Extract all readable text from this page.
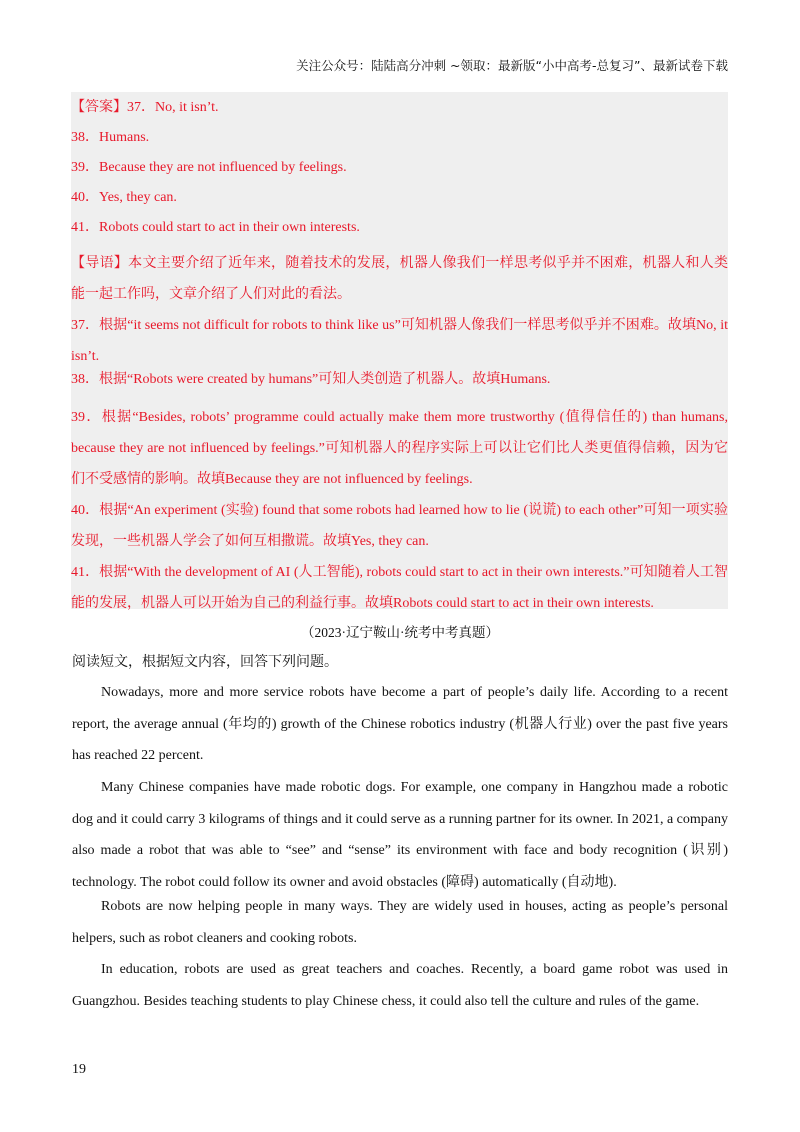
关注公众号：陆陆高分冲刺 ~领取：最新版“小中高考-总复习”、最新试卷下载
【答案】37．No, it isn’t.
38．Humans.
39．Because they are not influenced by feelings.
40．Yes, they can.
41．Robots could start to act in their own interests.
【导语】本文主要介绍了近年来，随着技术的发展，机器人像我们一样思考似乎并不困难，机器人和人类能一起工作吗，文章介绍了人们对此的看法。
37．根据“it seems not difficult for robots to think like us”可知机器人像我们一样思考似乎并不困难。故填No, it isn’t.
38．根据“Robots were created by humans”可知人类创造了机器人。故填Humans.
39．根据“Besides, robots’ programme could actually make them more trustworthy (值得信任的) than humans, because they are not influenced by feelings.”可知机器人的程序实际上可以让它们比人类更值得信赖，因为它们不受感情的影响。故填Because they are not influenced by feelings.
40．根据“An experiment (实验) found that some robots had learned how to lie (说谎) to each other”可知一项实验发现，一些机器人学会了如何互相撒谎。故填Yes, they can.
41．根据“With the development of AI (人工智能), robots could start to act in their own interests.”可知随着人工智能的发展，机器人可以开始为自己的利益行事。故填Robots could start to act in their own interests.
（2023·辽宁鞍山·统考中考真题）
阅读短文，根据短文内容，回答下列问题。
Nowadays, more and more service robots have become a part of people’s daily life. According to a recent report, the average annual (年均的) growth of the Chinese robotics industry (机器人行业) over the past five years has reached 22 percent.
Many Chinese companies have made robotic dogs. For example, one company in Hangzhou made a robotic dog and it could carry 3 kilograms of things and it could serve as a running partner for its owner. In 2021, a company also made a robot that was able to “see” and “sense” its environment with face and body recognition (识别) technology. The robot could follow its owner and avoid obstacles (障碍) automatically (自动地).
Robots are now helping people in many ways. They are widely used in houses, acting as people’s personal helpers, such as robot cleaners and cooking robots.
In education, robots are used as great teachers and coaches. Recently, a board game robot was used in Guangzhou. Besides teaching students to play Chinese chess, it could also tell the culture and rules of the game.
19
